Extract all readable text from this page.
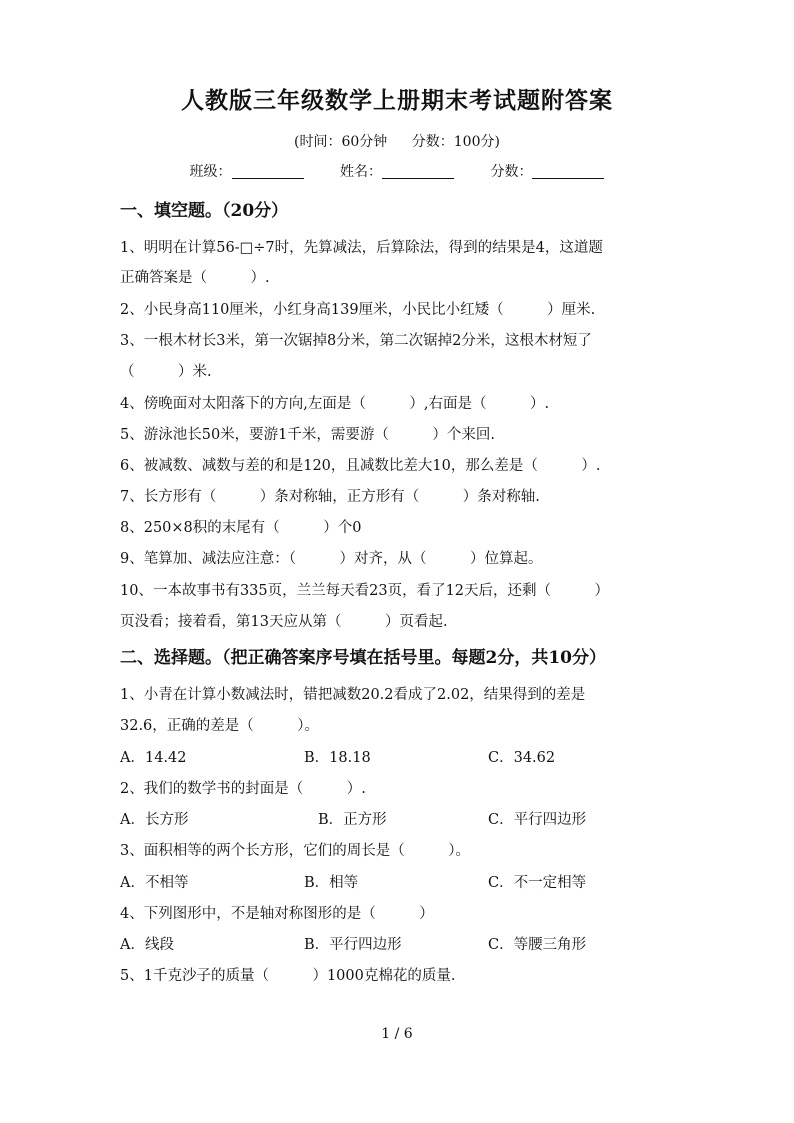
人教版三年级数学上册期末考试题附答案
(时间：60分钟 分数：100分)
班级：	姓名：	分数：
一、填空题。（20分）
1、明明在计算56-□÷7时，先算减法，后算除法，得到的结果是4，这道题
正确答案是（　　　）.
2、小民身高110厘米，小红身高139厘米，小民比小红矮（　　　）厘米.
3、一根木材长3米，第一次锯掉8分米，第二次锯掉2分米，这根木材短了
（　　　）米.
4、傍晚面对太阳落下的方向,左面是（　　　）,右面是（　　　）.
5、游泳池长50米，要游1千米，需要游（　　　）个来回.
6、被减数、减数与差的和是120，且减数比差大10，那么差是（　　　）.
7、长方形有（　　　）条对称轴，正方形有（　　　）条对称轴.
8、250×8积的末尾有（　　　）个0
9、笔算加、减法应注意：（　　　）对齐，从（　　　）位算起。
10、一本故事书有335页，兰兰每天看23页，看了12天后，还剩（　　　）
页没看；接着看，第13天应从第（　　　）页看起.
二、选择题。（把正确答案序号填在括号里。每题2分，共10分）
1、小青在计算小数减法时，错把减数20.2看成了2.02，结果得到的差是
32.6，正确的差是（　　　）。
A．14.42	B．18.18	C．34.62
2、我们的数学书的封面是（　　　）.
A．长方形	B．正方形	C．平行四边形
3、面积相等的两个长方形，它们的周长是（　　　）。
A．不相等	B．相等	C．不一定相等
4、下列图形中，不是轴对称图形的是（　　　）
A．线段	B．平行四边形	C．等腰三角形
5、1千克沙子的质量（　　　）1000克棉花的质量.
1 / 6
